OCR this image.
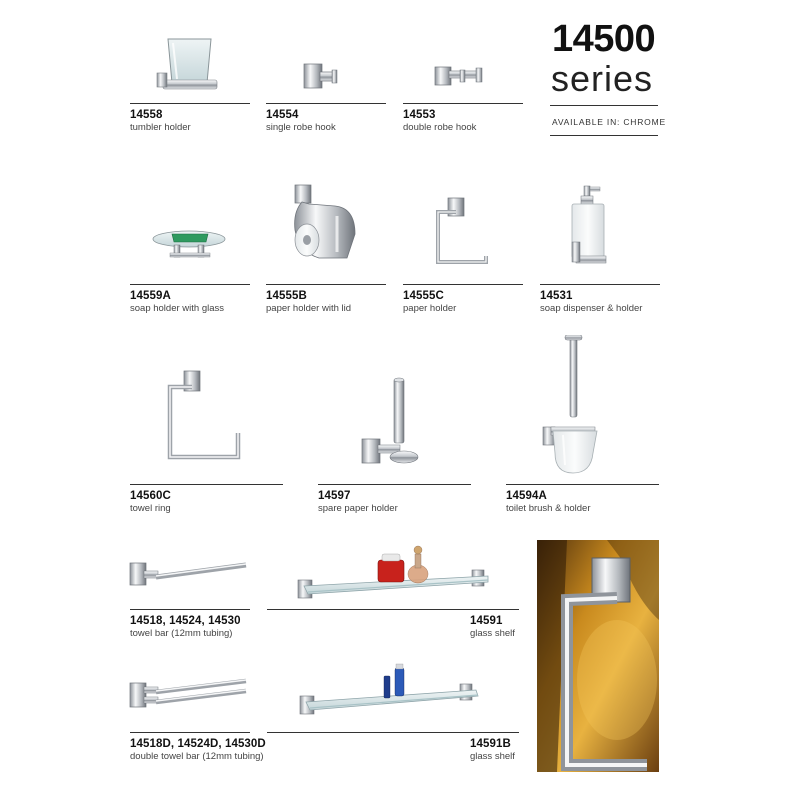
14500
series
AVAILABLE IN: CHROME
14558
tumbler holder
14554
single robe hook
14553
double robe hook
14559A
soap holder with glass
14555B
paper holder with lid
14555C
paper holder
14531
soap dispenser & holder
14560C
towel ring
14597
spare paper holder
14594A
toilet brush & holder
14518, 14524, 14530
towel bar (12mm tubing)
14591
glass shelf
14518D, 14524D, 14530D
double towel bar (12mm tubing)
14591B
glass shelf
